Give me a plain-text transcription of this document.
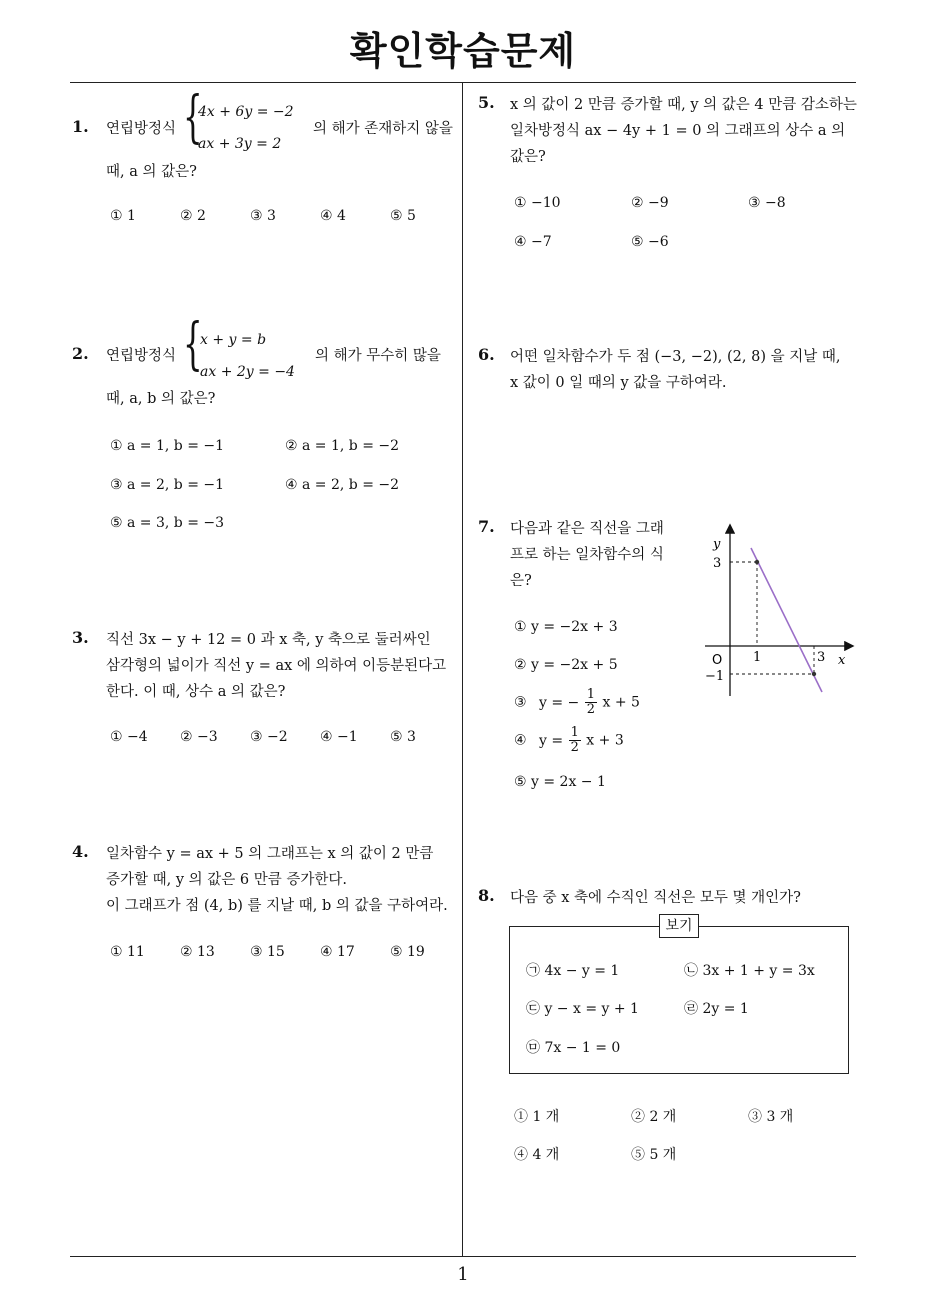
확인학습문제
1
1. 연립방정식 {
4x + 6y = −2
ax + 3y = 2
의 해가 존재하지 않을
때, a 의 값은?
① 1	② 2	③ 3	④ 4	⑤ 5
2. 연립방정식 {
x + y = b
ax + 2y = −4
의 해가 무수히 많을
때, a, b 의 값은?
① a = 1, b = −1	② a = 1, b = −2
③ a = 2, b = −1	④ a = 2, b = −2
⑤ a = 3, b = −3
3. 직선 3x − y + 12 = 0 과 x 축, y 축으로 둘러싸인
삼각형의 넓이가 직선 y = ax 에 의하여 이등분된다고
한다. 이 때, 상수 a 의 값은?
① −4 ② −3 ③ −2 ④ −1 ⑤ 3
4. 일차함수 y = ax + 5 의 그래프는 x 의 값이 2 만큼
증가할 때, y 의 값은 6 만큼 증가한다.
이 그래프가 점 (4, b) 를 지날 때, b 의 값을 구하여라.
① 11	② 13	③ 15	④ 17	⑤ 19
5. x 의 값이 2 만큼 증가할 때, y 의 값은 4 만큼 감소하는
일차방정식 ax − 4y + 1 = 0 의 그래프의 상수 a 의
값은?
① −10	② −9	③ −8
④ −7	⑤ −6
6. 어떤 일차함수가 두 점 (−3, −2), (2, 8) 을 지날 때,
x 값이 0 일 때의 y 값을 구하여라.
7. 다음과 같은 직선을 그래
프로 하는 일차함수의 식
은?
① y = −2x + 3
② y = −2x + 5
③ y = − $\frac{1}{2}$ x + 5
④ $y = \frac{1}{2}$ x + 3
⑤ y = 2x − 1
y
x
O
3
−1
1	3
8. 다음 중 x 축에 수직인 직선은 모두 몇 개인가?
보기
㉠ 4x − y = 1	㉡ 3x + 1 + y = 3x
㉢ y − x = y + 1	㉣ 2y = 1
㉤ 7x − 1 = 0
① 1 개	② 2 개	③ 3 개
④ 4 개	⑤ 5 개
